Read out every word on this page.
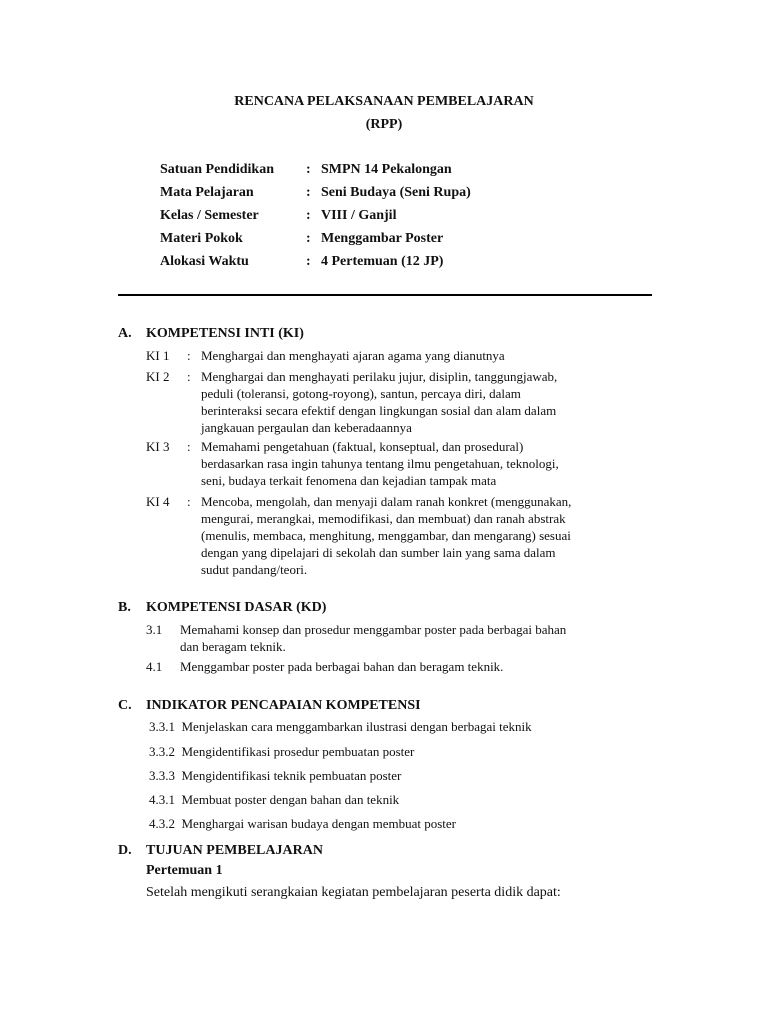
RENCANA PELAKSANAAN PEMBELAJARAN
(RPP)
Satuan Pendidikan : SMPN 14 Pekalongan
Mata Pelajaran	: Seni Budaya (Seni Rupa)
Kelas / Semester	: VIII / Ganjil
Materi Pokok	: Menggambar Poster
Alokasi Waktu	: 4 Pertemuan (12 JP)
A. KOMPETENSI INTI (KI)
KI 1 : Menghargai dan menghayati ajaran agama yang dianutnya
KI 2 : Menghargai dan menghayati perilaku jujur, disiplin, tanggungjawab,
peduli (toleransi, gotong-royong), santun, percaya diri, dalam
berinteraksi secara efektif dengan lingkungan sosial dan alam dalam
jangkauan pergaulan dan keberadaannya
KI 3 : Memahami pengetahuan (faktual, konseptual, dan prosedural)
berdasarkan rasa ingin tahunya tentang ilmu pengetahuan, teknologi,
seni, budaya terkait fenomena dan kejadian tampak mata
KI 4 : Mencoba, mengolah, dan menyaji dalam ranah konkret (menggunakan,
mengurai, merangkai, memodifikasi, dan membuat) dan ranah abstrak
(menulis, membaca, menghitung, menggambar, dan mengarang) sesuai
dengan yang dipelajari di sekolah dan sumber lain yang sama dalam
sudut pandang/teori.
B. KOMPETENSI DASAR (KD)
3.1 Memahami konsep dan prosedur menggambar poster pada berbagai bahan
dan beragam teknik.
4.1 Menggambar poster pada berbagai bahan dan beragam teknik.
C. INDIKATOR PENCAPAIAN KOMPETENSI
3.3.1  Menjelaskan cara menggambarkan ilustrasi dengan berbagai teknik
3.3.2  Mengidentifikasi prosedur pembuatan poster
3.3.3  Mengidentifikasi teknik pembuatan poster
4.3.1  Membuat poster dengan bahan dan teknik
4.3.2  Menghargai warisan budaya dengan membuat poster
D. TUJUAN PEMBELAJARAN
Pertemuan 1
Setelah mengikuti serangkaian kegiatan pembelajaran peserta didik dapat:
